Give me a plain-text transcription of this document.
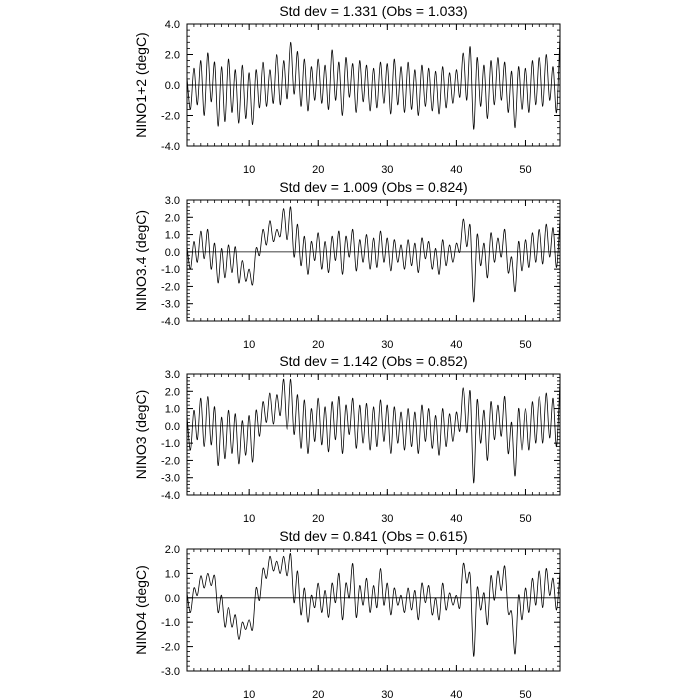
Std dev = 1.331 (Obs = 1.033)
NINO1+2 (degC)
4.0
2.0
0.0
-2.0
-4.0
10	20	30	40	50
Std dev = 1.009 (Obs = 0.824)
NINO3.4 (degC)
3.0
2.0
1.0
0.0
-1.0
-2.0
-3.0
-4.0
10	20	30	40	50
Std dev = 1.142 (Obs = 0.852)
NINO3 (degC)
3.0
2.0
1.0
0.0
-1.0
-2.0
-3.0
-4.0
10	20	30	40	50
Std dev = 0.841 (Obs = 0.615)
NINO4 (degC)
2.0
1.0
0.0
-1.0
-2.0
-3.0
10	20	30	40	50
